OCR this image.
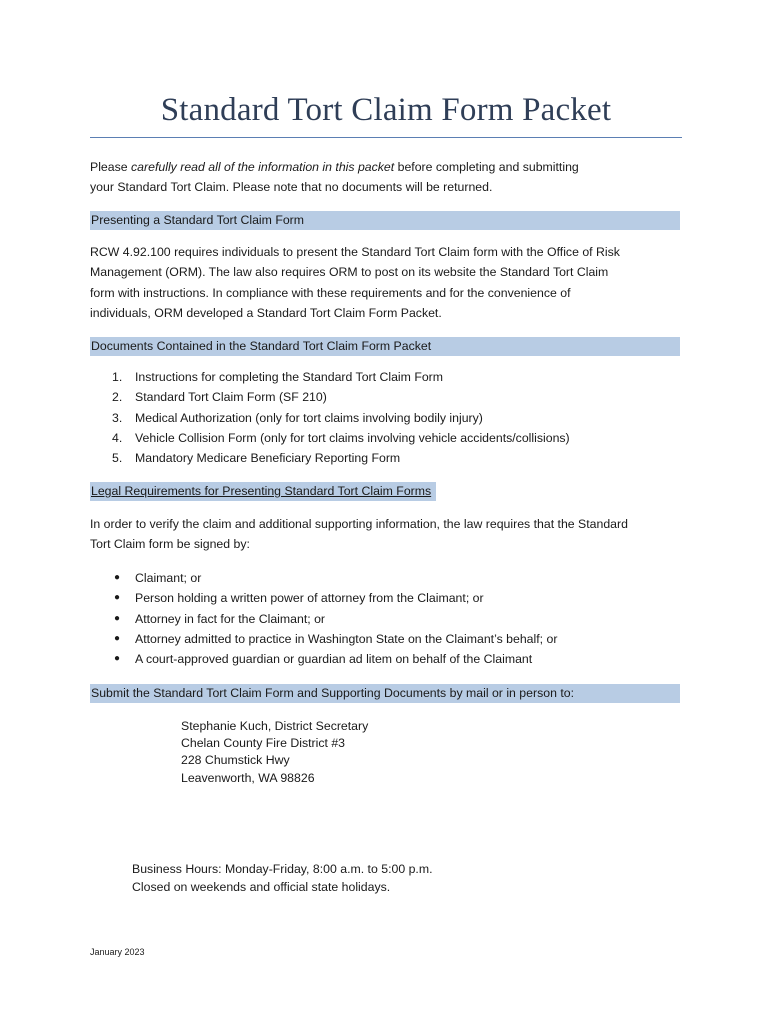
Standard Tort Claim Form Packet
Please carefully read all of the information in this packet before completing and submitting
your Standard Tort Claim. Please note that no documents will be returned.
Presenting a Standard Tort Claim Form
RCW 4.92.100 requires individuals to present the Standard Tort Claim form with the Office of Risk
Management (ORM). The law also requires ORM to post on its website the Standard Tort Claim
form with instructions. In compliance with these requirements and for the convenience of
individuals, ORM developed a Standard Tort Claim Form Packet.
Documents Contained in the Standard Tort Claim Form Packet
1.	Instructions for completing the Standard Tort Claim Form
2.	Standard Tort Claim Form (SF 210)
3.	Medical Authorization (only for tort claims involving bodily injury)
4.	Vehicle Collision Form (only for tort claims involving vehicle accidents/collisions)
5.	Mandatory Medicare Beneficiary Reporting Form
Legal Requirements for Presenting Standard Tort Claim Forms
In order to verify the claim and additional supporting information, the law requires that the Standard
Tort Claim form be signed by:
●	Claimant; or
●	Person holding a written power of attorney from the Claimant; or
●	Attorney in fact for the Claimant; or
●	Attorney admitted to practice in Washington State on the Claimant’s behalf; or
●	A court-approved guardian or guardian ad litem on behalf of the Claimant
Submit the Standard Tort Claim Form and Supporting Documents by mail or in person to:
Stephanie Kuch, District Secretary
Chelan County Fire District #3
228 Chumstick Hwy
Leavenworth, WA 98826
Business Hours: Monday-Friday, 8:00 a.m. to 5:00 p.m.
Closed on weekends and official state holidays.
January 2023
